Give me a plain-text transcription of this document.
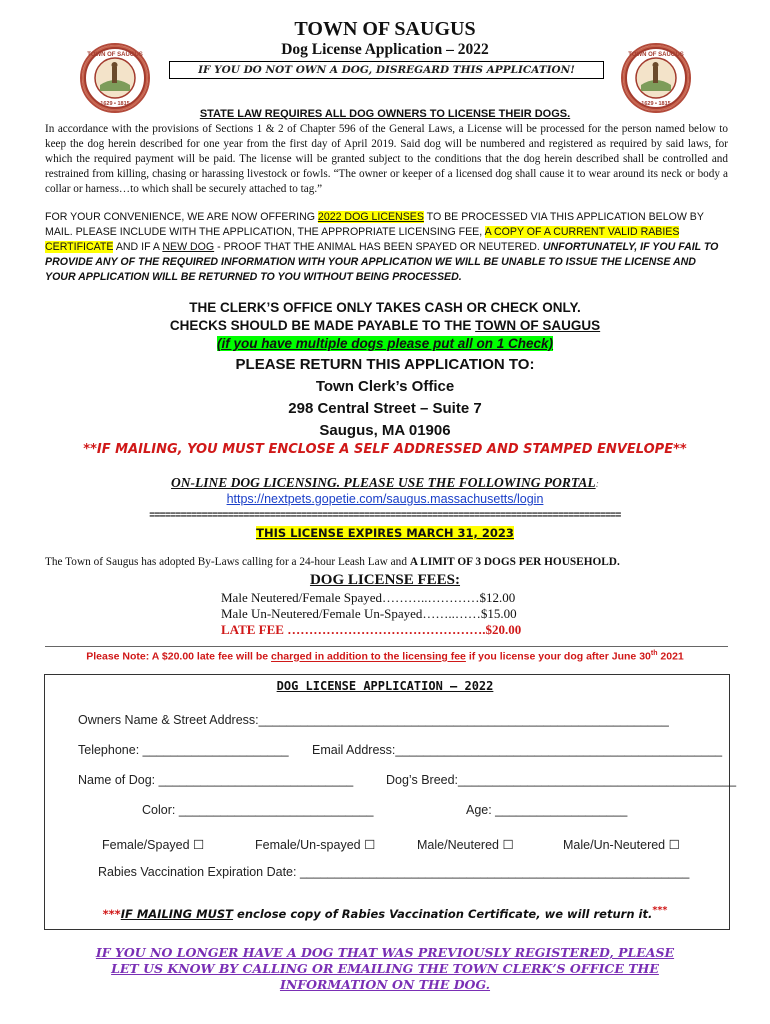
TOWN OF SAUGUS
1629 • 1815
TOWN OF SAUGUS
1629 • 1815
TOWN OF SAUGUS
Dog License Application – 2022
IF YOU DO NOT OWN A DOG, DISREGARD THIS APPLICATION!
STATE LAW REQUIRES ALL DOG OWNERS TO LICENSE THEIR DOGS.
In accordance with the provisions of Sections 1 & 2 of Chapter 596 of the General Laws, a License will be processed for the person named below to keep the dog herein described for one year from the first day of April 2019. Said dog will be numbered and registered as required by said laws, for which the required payment will be paid. The license will be granted subject to the conditions that the dog herein described shall be controlled and restrained from killing, chasing or harassing livestock or fowls. “The owner or keeper of a licensed dog shall cause it to wear around its neck or body a collar or harness…to which shall be securely attached to tag.”
FOR YOUR CONVENIENCE, WE ARE NOW OFFERING 2022 DOG LICENSES TO BE PROCESSED VIA THIS APPLICATION BELOW BY MAIL. PLEASE INCLUDE WITH THE APPLICATION, THE APPROPRIATE LICENSING FEE, A COPY OF A CURRENT VALID RABIES CERTIFICATE AND IF A NEW DOG - PROOF THAT THE ANIMAL HAS BEEN SPAYED OR NEUTERED. UNFORTUNATELY, IF YOU FAIL TO PROVIDE ANY OF THE REQUIRED INFORMATION WITH YOUR APPLICATION WE WILL BE UNABLE TO ISSUE THE LICENSE AND YOUR APPLICATION WILL BE RETURNED TO YOU WITHOUT BEING PROCESSED.
THE CLERK’S OFFICE ONLY TAKES CASH OR CHECK ONLY.
CHECKS SHOULD BE MADE PAYABLE TO THE TOWN OF SAUGUS
(if you have multiple dogs please put all on 1 Check)
PLEASE RETURN THIS APPLICATION TO:
Town Clerk’s Office
298 Central Street – Suite 7
Saugus, MA 01906
**IF MAILING, YOU MUST ENCLOSE A SELF ADDRESSED AND STAMPED ENVELOPE**
ON-LINE DOG LICENSING. PLEASE USE THE FOLLOWING PORTAL:
https://nextpets.gopetie.com/saugus.massachusetts/login
==========================================================================================
THIS LICENSE EXPIRES MARCH 31, 2023
The Town of Saugus has adopted By-Laws calling for a 24-hour Leash Law and A LIMIT OF 3 DOGS PER HOUSEHOLD.
DOG LICENSE FEES:
Male Neutered/Female Spayed………..…………$12.00
Male Un-Neutered/Female Un-Spayed……..……$15.00
LATE FEE ……………………………………….$20.00
Please Note: A $20.00 late fee will be charged in addition to the licensing fee if you license your dog after June 30th 2021
DOG LICENSE APPLICATION – 2022
Owners Name & Street Address:___________________________________________________________
Telephone: _____________________ Email Address:_______________________________________________
Name of Dog: ____________________________	Dog’s Breed:________________________________________
Color: ____________________________	Age: ___________________
Female/Spayed ☐	Female/Un-spayed ☐	Male/Neutered ☐	Male/Un-Neutered ☐
Rabies Vaccination Expiration Date: ________________________________________________________
***IF MAILING MUST enclose copy of Rabies Vaccination Certificate, we will return it.***
IF YOU NO LONGER HAVE A DOG THAT WAS PREVIOUSLY REGISTERED, PLEASE
LET US KNOW BY CALLING OR EMAILING THE TOWN CLERK’S OFFICE THE
INFORMATION ON THE DOG.
